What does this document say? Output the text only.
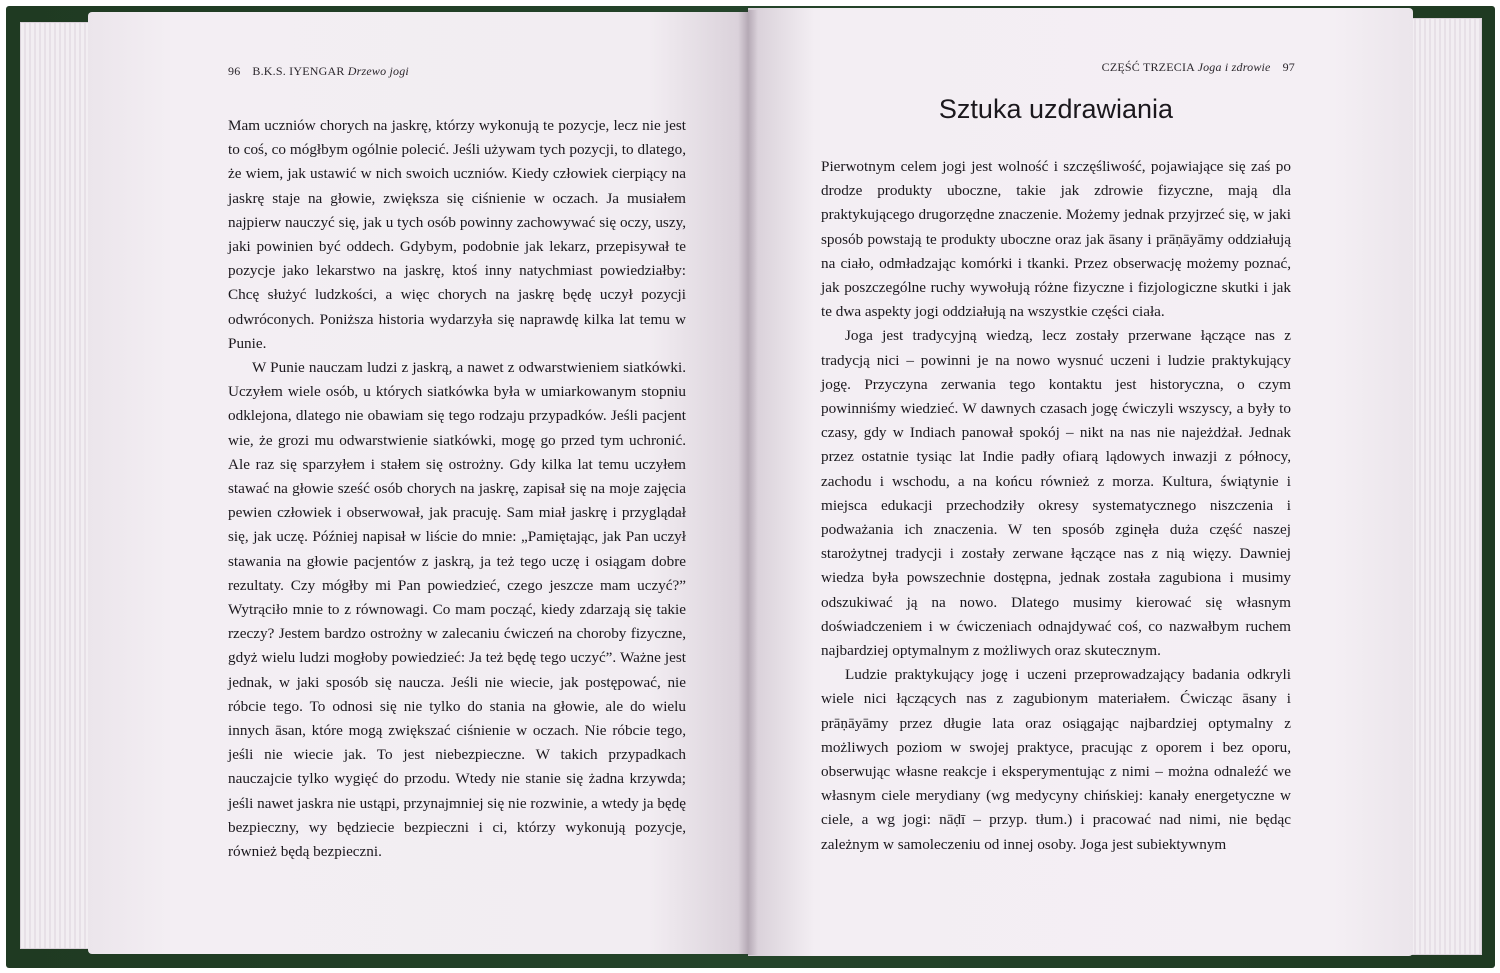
96 B.K.S. IYENGAR Drzewo jogi

Mam uczniów chorych na jaskrę, którzy wykonują te pozycje, lecz nie jest to coś, co mógłbym ogólnie polecić. Jeśli używam tych pozycji, to dlatego, że wiem, jak ustawić w nich swoich uczniów. Kiedy człowiek cierpiący na jaskrę staje na głowie, zwiększa się ciśnienie w oczach. Ja musiałem najpierw nauczyć się, jak u tych osób powinny zachowywać się oczy, uszy, jaki powinien być oddech. Gdybym, podobnie jak lekarz, przepisywał te pozycje jako lekarstwo na jaskrę, ktoś inny natychmiast powiedziałby: Chcę służyć ludzkości, a więc chorych na jaskrę będę uczył pozycji odwróconych. Poniższa historia wydarzyła się naprawdę kilka lat temu w Punie.

W Punie nauczam ludzi z jaskrą, a nawet z odwarstwieniem siatkówki. Uczyłem wiele osób, u których siatkówka była w umiarkowanym stopniu odklejona, dlatego nie obawiam się tego rodzaju przypadków. Jeśli pacjent wie, że grozi mu odwarstwienie siatkówki, mogę go przed tym uchronić. Ale raz się sparzyłem i stałem się ostrożny. Gdy kilka lat temu uczyłem stawać na głowie sześć osób chorych na jaskrę, zapisał się na moje zajęcia pewien człowiek i obserwował, jak pracuję. Sam miał jaskrę i przyglądał się, jak uczę. Później napisał w liście do mnie: „Pamiętając, jak Pan uczył stawania na głowie pacjentów z jaskrą, ja też tego uczę i osiągam dobre rezultaty. Czy mógłby mi Pan powiedzieć, czego jeszcze mam uczyć?” Wytrąciło mnie to z równowagi. Co mam począć, kiedy zdarzają się takie rzeczy? Jestem bardzo ostrożny w zalecaniu ćwiczeń na choroby fizyczne, gdyż wielu ludzi mogłoby powiedzieć: Ja też będę tego uczyć”. Ważne jest jednak, w jaki sposób się naucza. Jeśli nie wiecie, jak postępować, nie róbcie tego. To odnosi się nie tylko do stania na głowie, ale do wielu innych āsan, które mogą zwiększać ciśnienie w oczach. Nie róbcie tego, jeśli nie wiecie jak. To jest niebezpieczne. W takich przypadkach nauczajcie tylko wygięć do przodu. Wtedy nie stanie się żadna krzywda; jeśli nawet jaskra nie ustąpi, przynajmniej się nie rozwinie, a wtedy ja będę bezpieczny, wy będziecie bezpieczni i ci, którzy wykonują pozycje, również będą bezpieczni.

CZĘŚĆ TRZECIA Joga i zdrowie 97
Sztuka uzdrawiania

Pierwotnym celem jogi jest wolność i szczęśliwość, pojawiające się zaś po drodze produkty uboczne, takie jak zdrowie fizyczne, mają dla praktykującego drugorzędne znaczenie. Możemy jednak przyjrzeć się, w jaki sposób powstają te produkty uboczne oraz jak āsany i prāṇāyāmy oddziałują na ciało, odmładzając komórki i tkanki. Przez obserwację możemy poznać, jak poszczególne ruchy wywołują różne fizyczne i fizjologiczne skutki i jak te dwa aspekty jogi oddziałują na wszystkie części ciała.

Joga jest tradycyjną wiedzą, lecz zostały przerwane łączące nas z tradycją nici – powinni je na nowo wysnuć uczeni i ludzie praktykujący jogę. Przyczyna zerwania tego kontaktu jest historyczna, o czym powinniśmy wiedzieć. W dawnych czasach jogę ćwiczyli wszyscy, a były to czasy, gdy w Indiach panował spokój – nikt na nas nie najeżdżał. Jednak przez ostatnie tysiąc lat Indie padły ofiarą lądowych inwazji z północy, zachodu i wschodu, a na końcu również z morza. Kultura, świątynie i miejsca edukacji przechodziły okresy systematycznego niszczenia i podważania ich znaczenia. W ten sposób zginęła duża część naszej starożytnej tradycji i zostały zerwane łączące nas z nią więzy. Dawniej wiedza była powszechnie dostępna, jednak została zagubiona i musimy odszukiwać ją na nowo. Dlatego musimy kierować się własnym doświadczeniem i w ćwiczeniach odnajdywać coś, co nazwałbym ruchem najbardziej optymalnym z możliwych oraz skutecznym.

Ludzie praktykujący jogę i uczeni przeprowadzający badania odkryli wiele nici łączących nas z zagubionym materiałem. Ćwicząc āsany i prāṇāyāmy przez długie lata oraz osiągając najbardziej optymalny z możliwych poziom w swojej praktyce, pracując z oporem i bez oporu, obserwując własne reakcje i eksperymentując z nimi – można odnaleźć we własnym ciele merydiany (wg medycyny chińskiej: kanały energetyczne w ciele, a wg jogi: nāḍī – przyp. tłum.) i pracować nad nimi, nie będąc zależnym w samoleczeniu od innej osoby. Joga jest subiektywnym
